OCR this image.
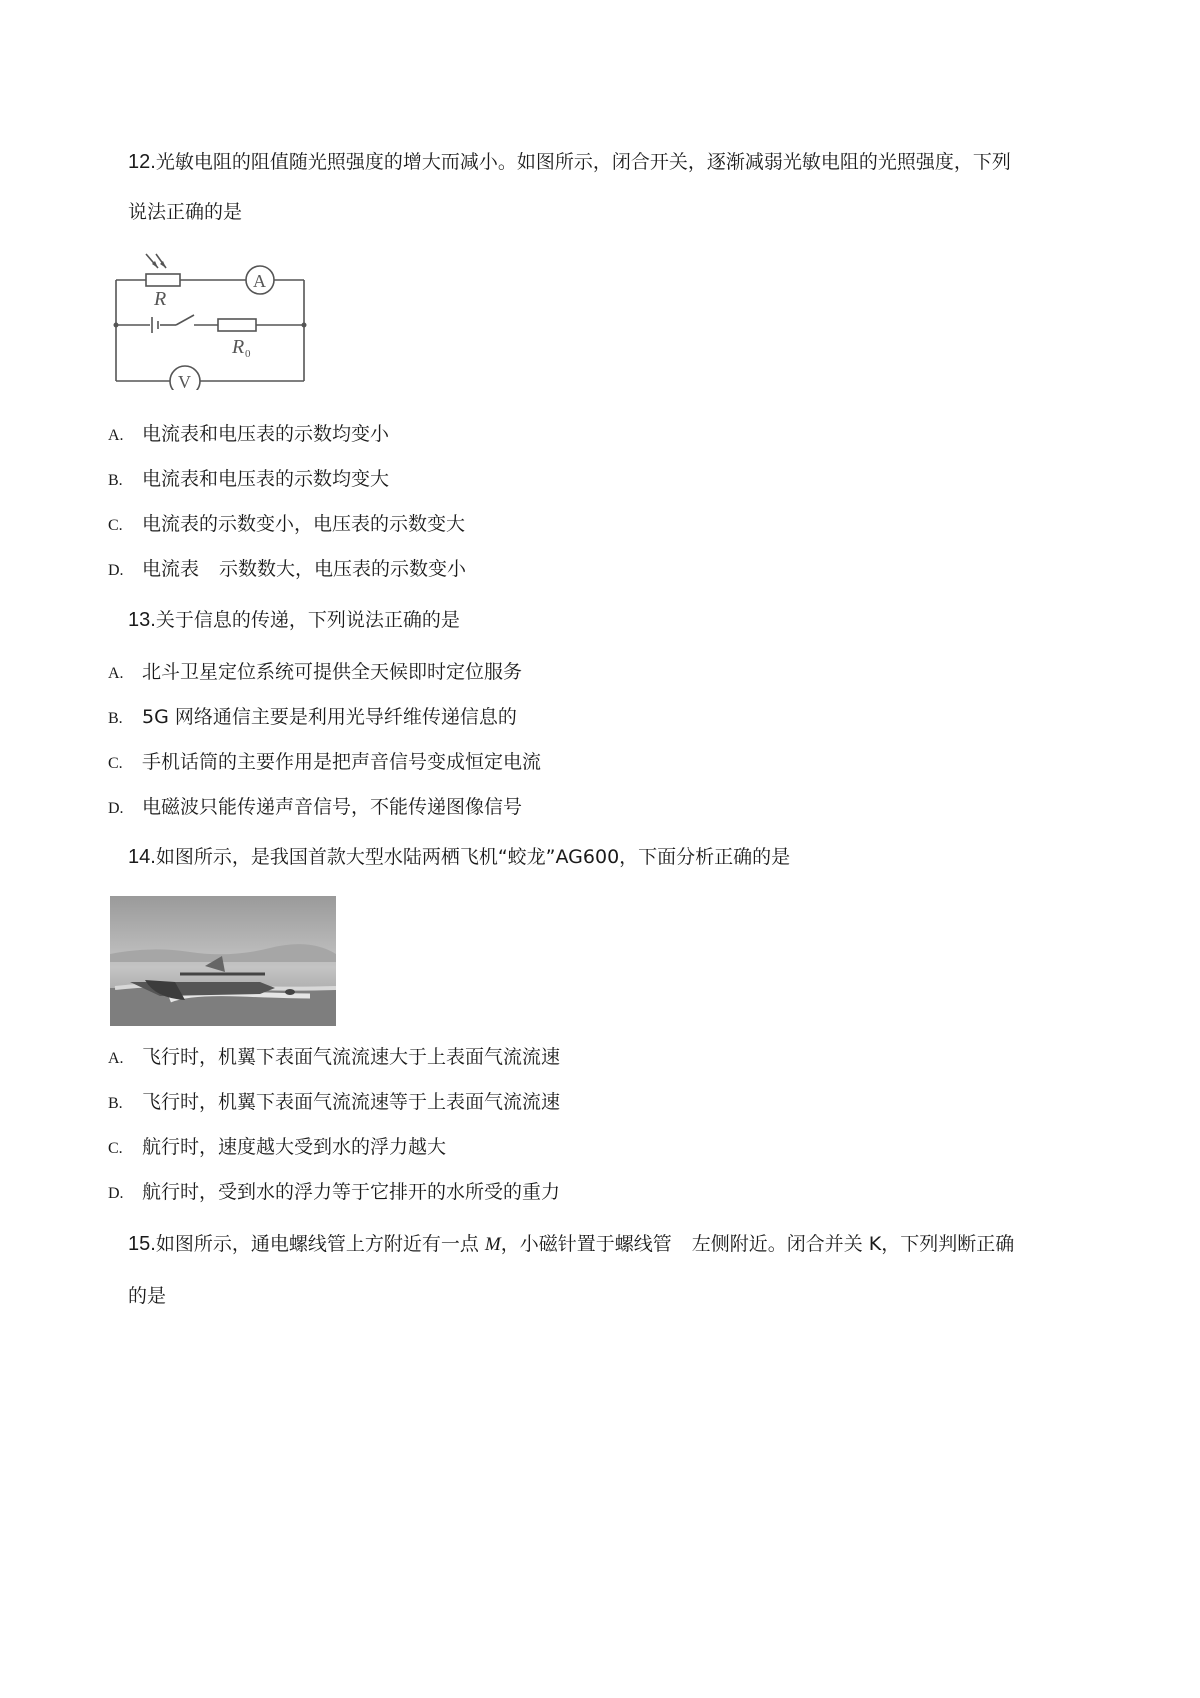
12.光敏电阻的阻值随光照强度的增大而减小。如图所示，闭合开关，逐渐减弱光敏电阻的光照强度，下列
说法正确的是
R
R 0
A
V
A. 电流表和电压表的示数均变小
B. 电流表和电压表的示数均变大
C. 电流表的示数变小，电压表的示数变大
D. 电流表 示数数大，电压表的示数变小
13.关于信息的传递，下列说法正确的是
A. 北斗卫星定位系统可提供全天候即时定位服务
B. 5G 网络通信主要是利用光导纤维传递信息的
C. 手机话筒的主要作用是把声音信号变成恒定电流
D. 电磁波只能传递声音信号，不能传递图像信号
14.如图所示，是我国首款大型水陆两栖飞机“蛟龙”AG600，下面分析正确的是
A. 飞行时，机翼下表面气流流速大于上表面气流流速
B. 飞行时，机翼下表面气流流速等于上表面气流流速
C. 航行时，速度越大受到水的浮力越大
D. 航行时，受到水的浮力等于它排开的水所受的重力
15.如图所示，通电螺线管上方附近有一点 M，小磁针置于螺线管 左侧附近。闭合并关 K，下列判断正确
的是
